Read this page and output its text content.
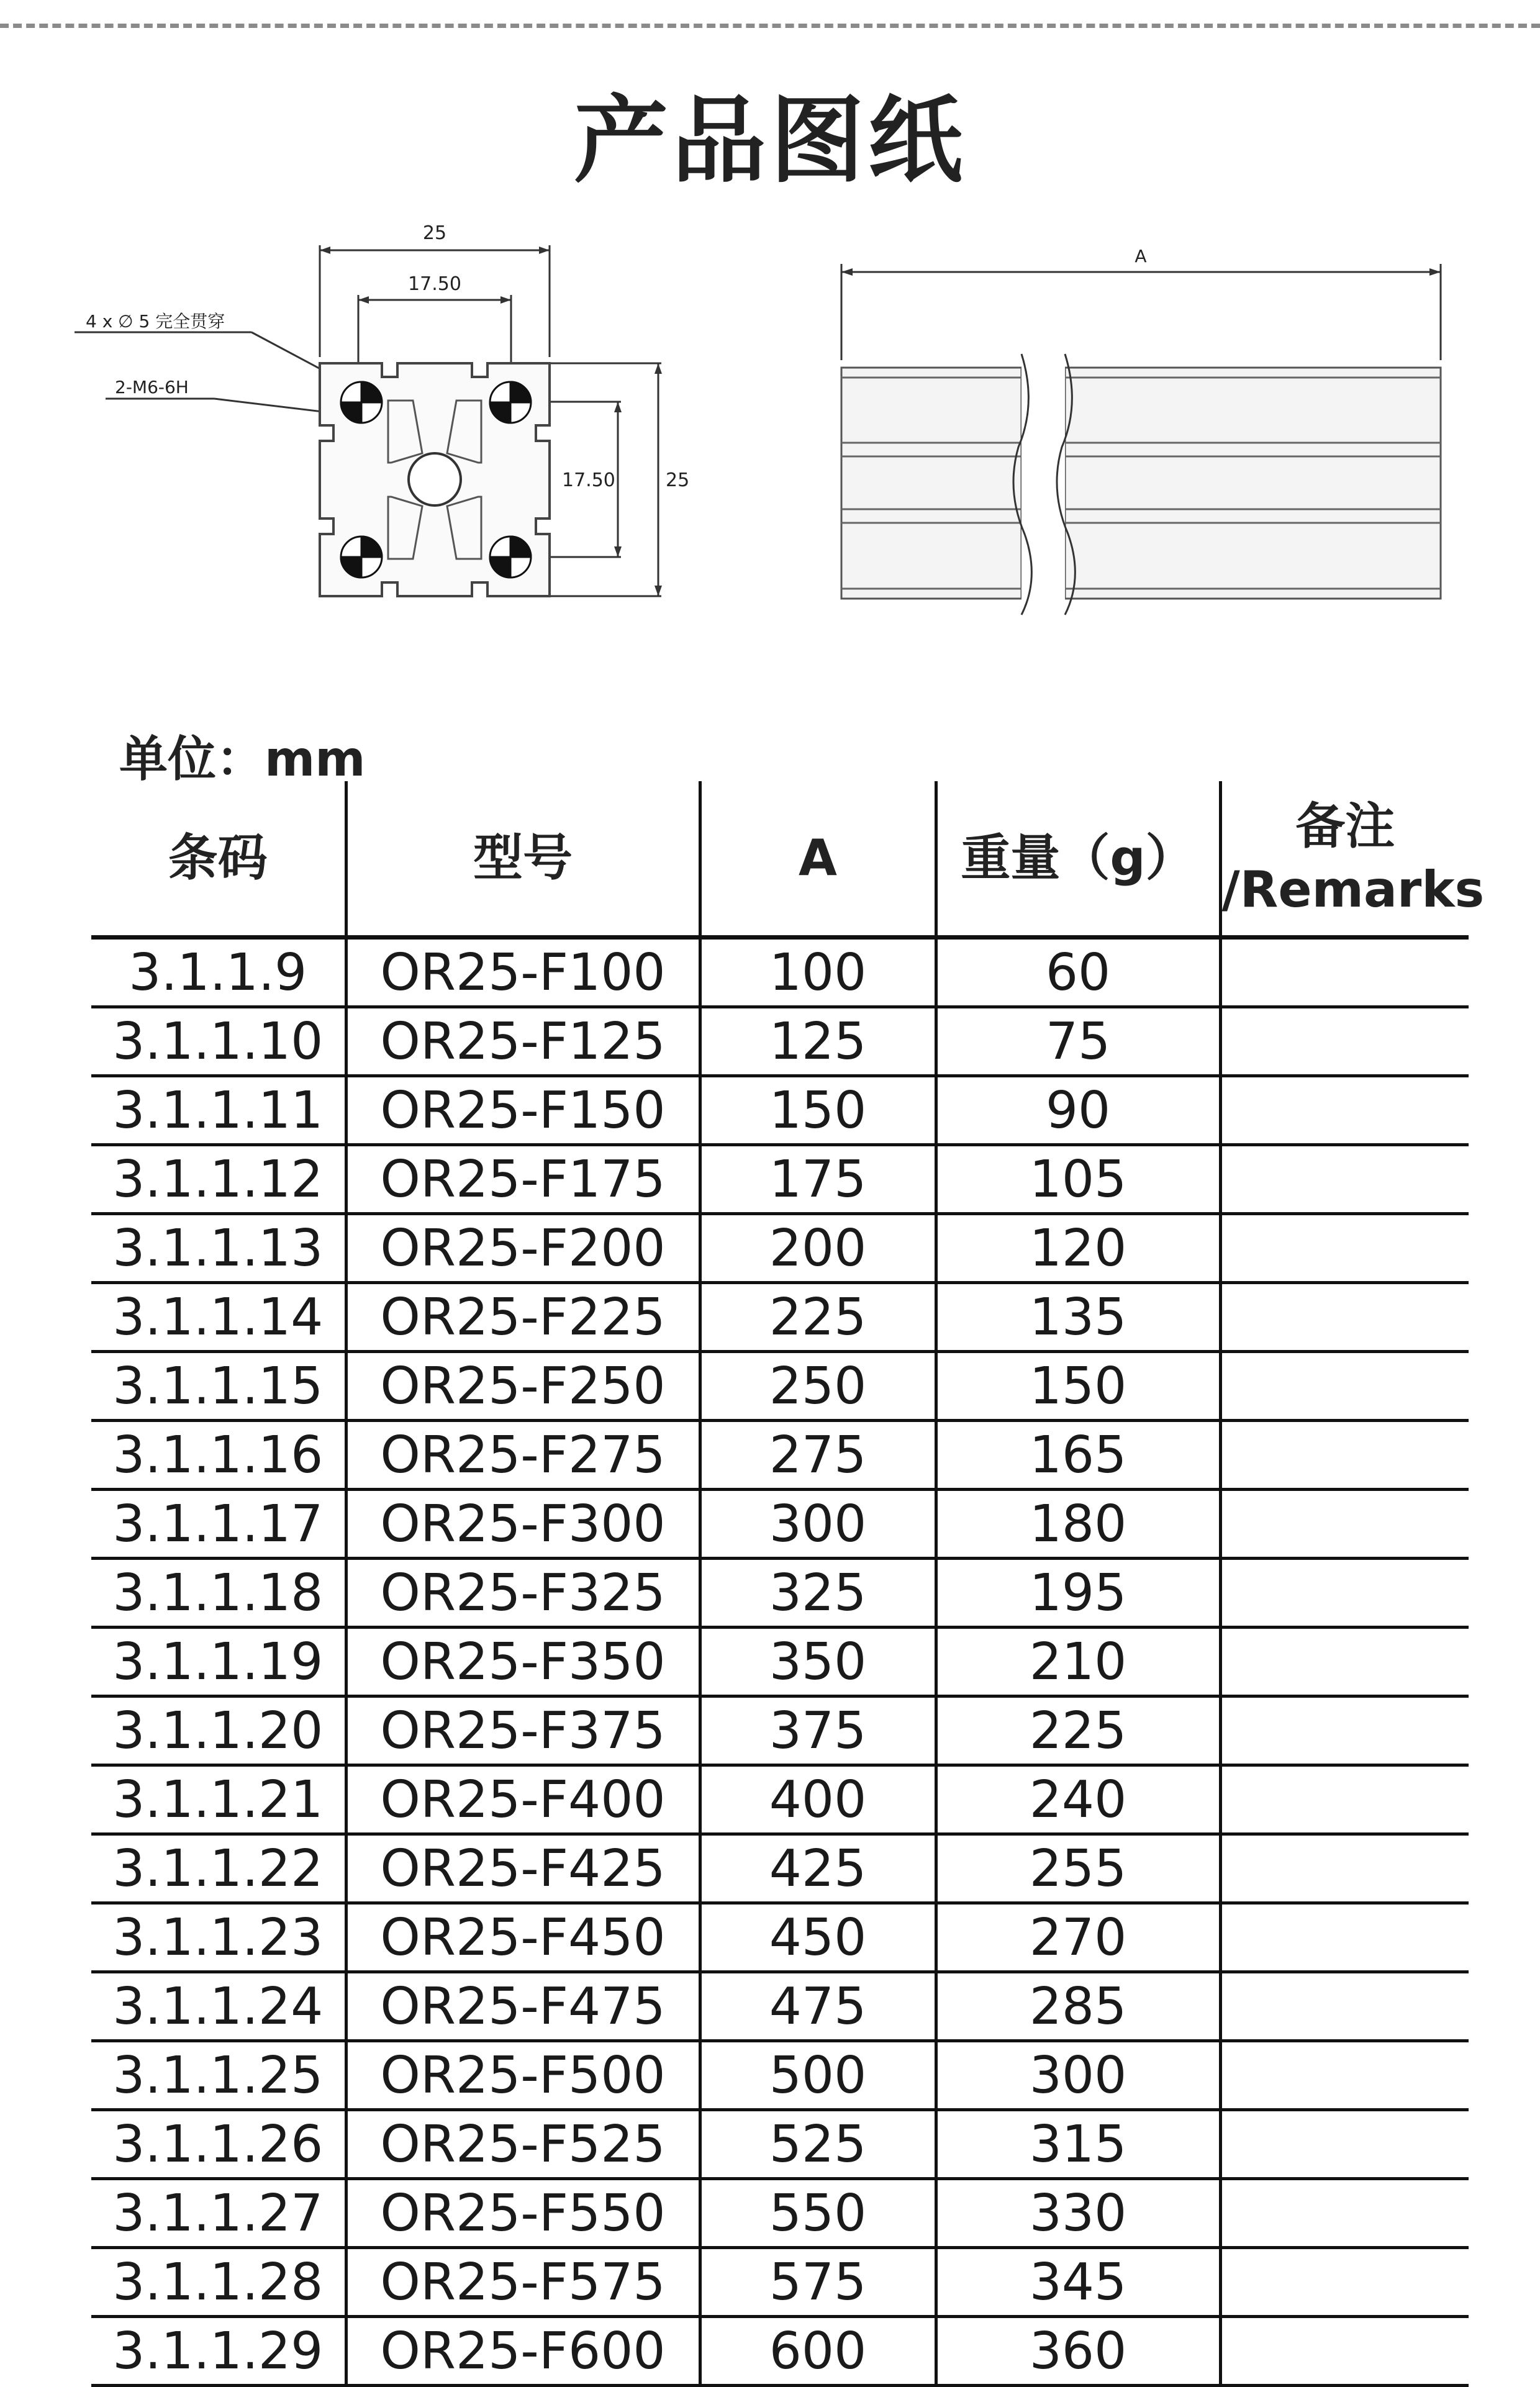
产品图纸
25
17.50
17.50	25
4 x ∅ 5 完全贯穿
2-M6-6H
A
单位：mm
条码	型号	A	重量（g）	备注
/Remarks
3.1.1.9	OR25-F100	100	60	
3.1.1.10	OR25-F125	125	75	
3.1.1.11	OR25-F150	150	90	
3.1.1.12	OR25-F175	175	105	
3.1.1.13	OR25-F200	200	120	
3.1.1.14	OR25-F225	225	135	
3.1.1.15	OR25-F250	250	150	
3.1.1.16	OR25-F275	275	165	
3.1.1.17	OR25-F300	300	180	
3.1.1.18	OR25-F325	325	195	
3.1.1.19	OR25-F350	350	210	
3.1.1.20	OR25-F375	375	225	
3.1.1.21	OR25-F400	400	240	
3.1.1.22	OR25-F425	425	255	
3.1.1.23	OR25-F450	450	270	
3.1.1.24	OR25-F475	475	285	
3.1.1.25	OR25-F500	500	300	
3.1.1.26	OR25-F525	525	315	
3.1.1.27	OR25-F550	550	330	
3.1.1.28	OR25-F575	575	345	
3.1.1.29	OR25-F600	600	360	
